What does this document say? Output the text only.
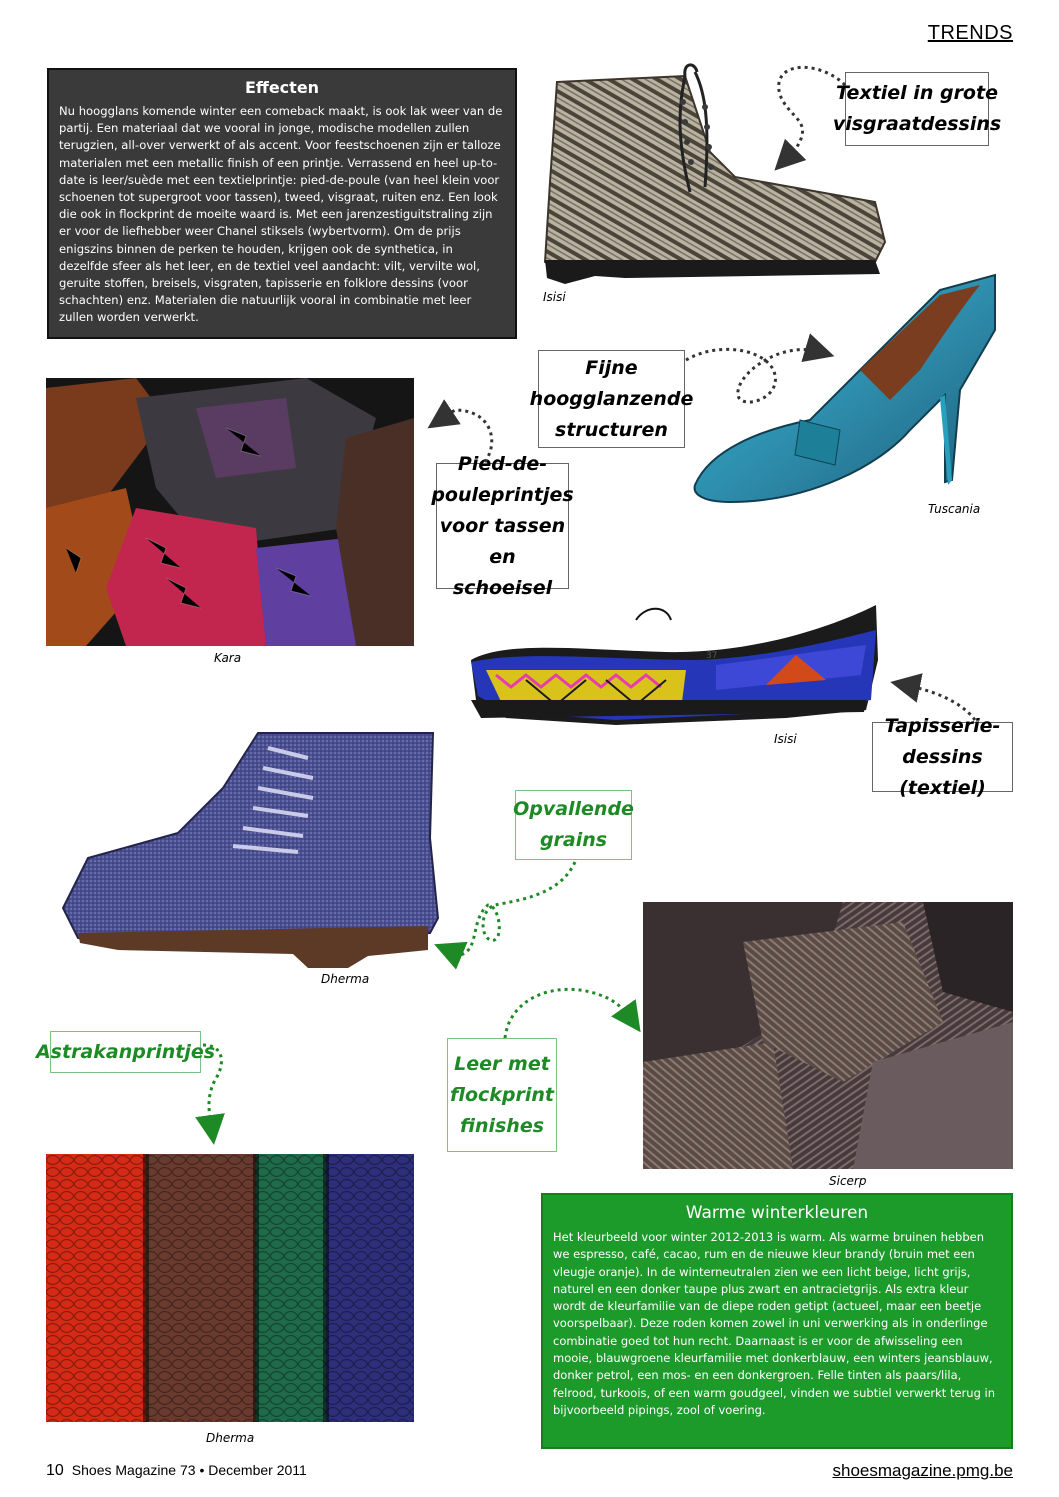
TRENDS
Effecten

Nu hoogglans komende winter een comeback maakt, is ook lak weer van de partij. Een materiaal dat we vooral in jonge, modische modellen zullen terugzien, all-over verwerkt of als accent. Voor feestschoenen zijn er talloze materialen met een metallic finish of een printje. Verrassend en heel up-to-date is leer/suède met een textielprintje: pied-de-poule (van heel klein voor schoenen tot supergroot voor tassen), tweed, visgraat, ruiten enz. Een look die ook in flockprint de moeite waard is. Met een jarenzestiguitstraling zijn er voor de liefhebber weer Chanel stiksels (wybertvorm). Om de prijs enigszins binnen de perken te houden, krijgen ook de synthetica, in dezelfde sfeer als het leer, en de textiel veel aandacht: vilt, vervilte wol, geruite stoffen, breisels, visgraten, tapisserie en folklore dessins (voor schachten) enz. Materialen die natuurlijk vooral in combinatie met leer zullen worden verwerkt.

Isisi
Textiel in grote
visgraatdessins
Tuscania
Fijne
hoogglanzende
structuren
Kara
Pied-de-
pouleprintjes
voor tassen en
schoeisel
37
Isisi
Tapisserie-
dessins (textiel)
Dherma
Opvallende
grains
Sicerp
Astrakanprintjes
Leer met
flockprint
finishes
Dherma
Warme winterkleuren

Het kleurbeeld voor winter 2012-2013 is warm. Als warme bruinen hebben we espresso, café, cacao, rum en de nieuwe kleur brandy (bruin met een vleugje oranje). In de winterneutralen zien we een licht beige, licht grijs, naturel en een donker taupe plus zwart en antracietgrijs. Als extra kleur wordt de kleurfamilie van de diepe roden getipt (actueel, maar een beetje voorspelbaar). Deze roden komen zowel in uni verwerking als in onderlinge combinatie goed tot hun recht. Daarnaast is er voor de afwisseling een mooie, blauwgroene kleurfamilie met donkerblauw, een winters jeansblauw, donker petrol, een mos- en een donkergroen. Felle tinten als paars/lila, felrood, turkoois, of een warm goudgeel, vinden we subtiel verwerkt terug in bijvoorbeeld pipings, zool of voering.

10 Shoes Magazine 73 • December 2011	shoesmagazine.pmg.be
